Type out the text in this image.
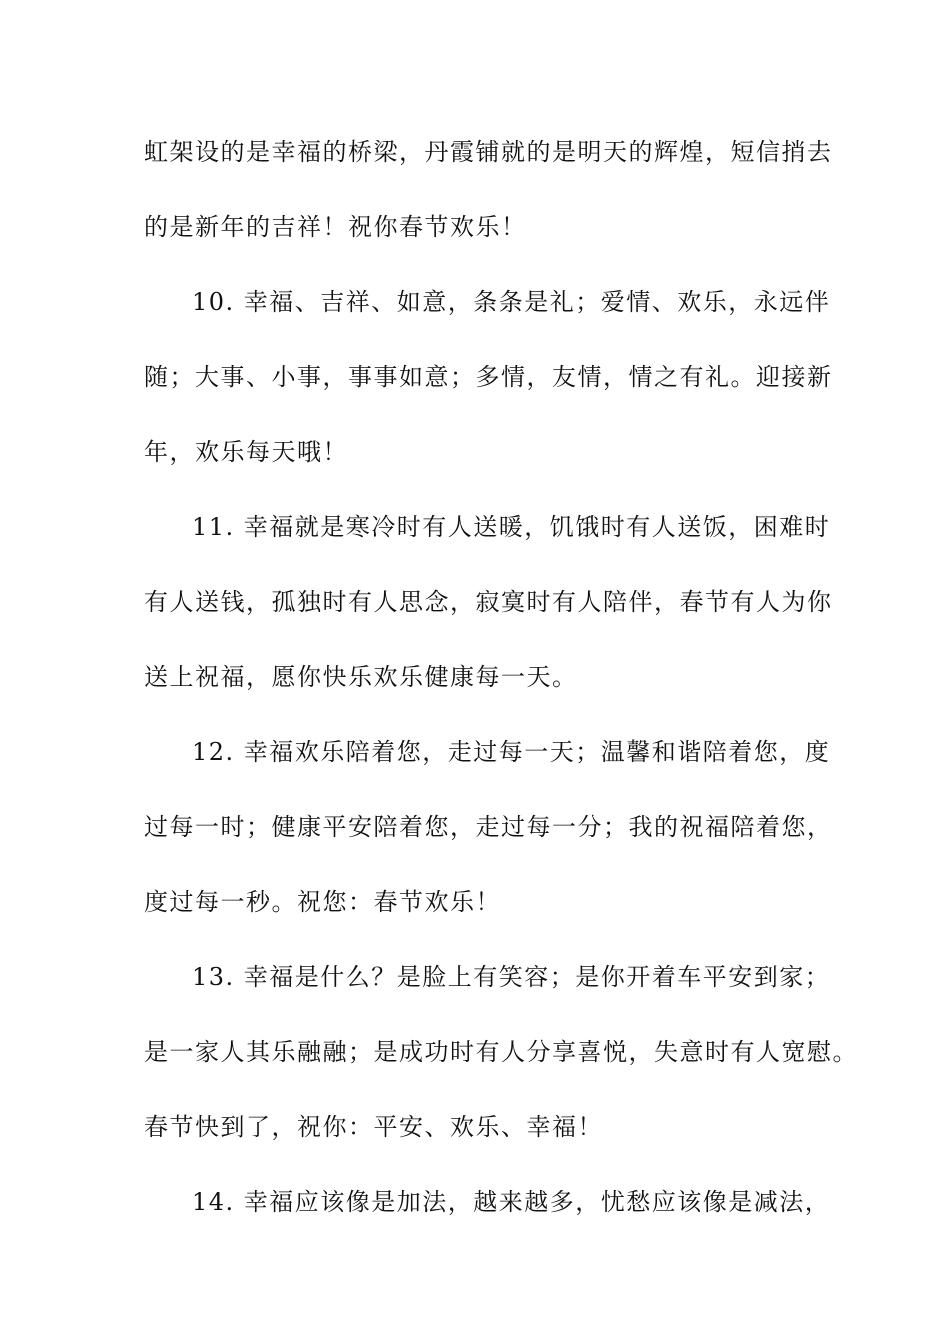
虹架设的是幸福的桥梁，丹霞铺就的是明天的辉煌，短信捎去
的是新年的吉祥！祝你春节欢乐！
10. 幸福、吉祥、如意，条条是礼；爱情、欢乐，永远伴
随；大事、小事，事事如意；多情，友情，情之有礼。迎接新
年，欢乐每天哦！
11. 幸福就是寒冷时有人送暖，饥饿时有人送饭，困难时
有人送钱，孤独时有人思念，寂寞时有人陪伴，春节有人为你
送上祝福，愿你快乐欢乐健康每一天。
12. 幸福欢乐陪着您，走过每一天；温馨和谐陪着您，度
过每一时；健康平安陪着您，走过每一分；我的祝福陪着您，
度过每一秒。祝您：春节欢乐！
13. 幸福是什么？是脸上有笑容；是你开着车平安到家；
是一家人其乐融融；是成功时有人分享喜悦，失意时有人宽慰。
春节快到了，祝你：平安、欢乐、幸福！
14. 幸福应该像是加法，越来越多，忧愁应该像是减法，
